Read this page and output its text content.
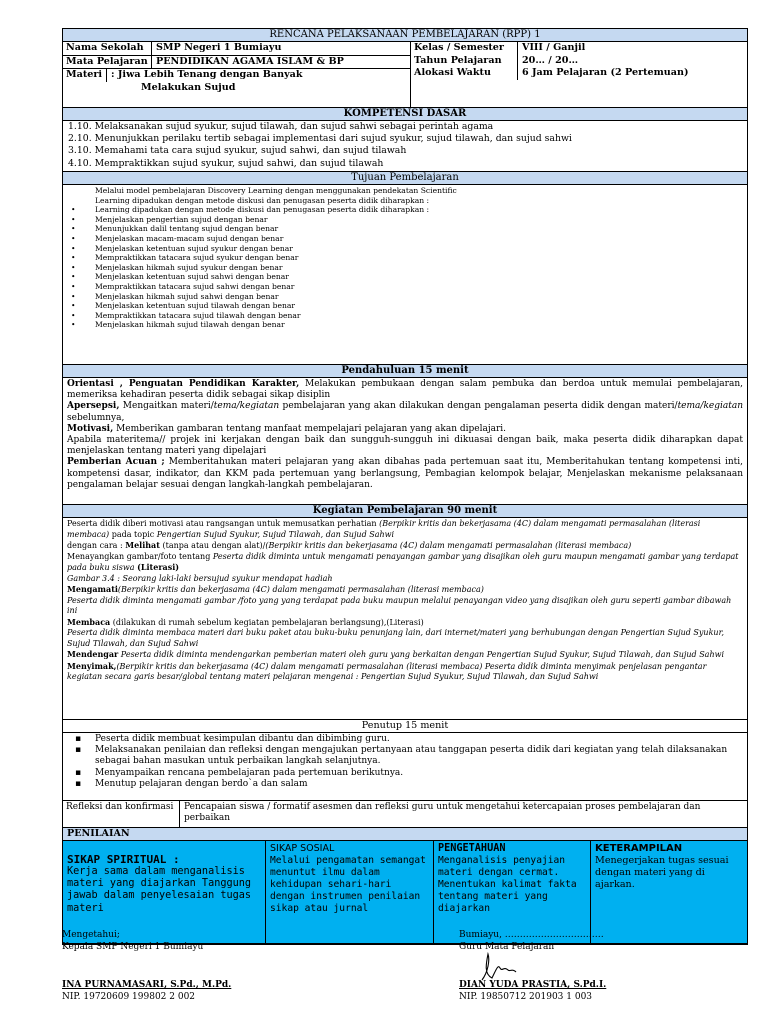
RENCANA PELAKSANAAN PEMBELAJARAN (RPP) 1
Nama Sekolah	SMP Negeri 1 Bumiayu
Mata Pelajaran PENDIDIKAN AGAMA ISLAM & BP
Materi : Jiwa Lebih Tenang dengan Banyak
Melakukan Sujud
Kelas / Semester	VIII / Ganjil
Tahun Pelajaran	20… / 20…
Alokasi Waktu	6 Jam Pelajaran (2 Pertemuan)
KOMPETENSI DASAR

1.10. Melaksanakan sujud syukur, sujud tilawah, dan sujud sahwi sebagai perintah agama

2.10. Menunjukkan perilaku tertib sebagai implementasi dari sujud syukur, sujud tilawah, dan sujud sahwi

3.10. Memahami tata cara sujud syukur, sujud sahwi, dan sujud tilawah

4.10. Mempraktikkan sujud syukur, sujud sahwi, dan sujud tilawah

Tujuan Pembelajaran

Melalui model pembelajaran Discovery Learning dengan menggunakan pendekatan Scientific

Learning dipadukan dengan metode diskusi dan penugasan peserta didik diharapkan :

• Learning dipadukan dengan metode diskusi dan penugasan peserta didik diharapkan :

• Menjelaskan pengertian sujud dengan benar

• Menunjukkan dalil tentang sujud dengan benar

• Menjelaskan macam-macam sujud dengan benar

• Menjelaskan ketentuan sujud syukur dengan benar

• Mempraktikkan tatacara sujud syukur dengan benar

• Menjelaskan hikmah sujud syukur dengan benar

• Menjelaskan ketentuan sujud sahwi dengan benar

• Mempraktikkan tatacara sujud sahwi dengan benar

• Menjelaskan hikmah sujud sahwi dengan benar

• Menjelaskan ketentuan sujud tilawah dengan benar

• Mempraktikkan tatacara sujud tilawah dengan benar

• Menjelaskan hikmah sujud tilawah dengan benar

Pendahuluan 15 menit

Orientasi , Penguatan Pendidikan Karakter, Melakukan pembukaan dengan salam pembuka dan berdoa untuk memulai pembelajaran, memeriksa kehadiran peserta didik sebagai sikap disiplin

Apersepsi, Mengaitkan materi/tema/kegiatan pembelajaran yang akan dilakukan dengan pengalaman peserta didik dengan materi/tema/kegiatan sebelumnya,

Motivasi, Memberikan gambaran tentang manfaat mempelajari pelajaran yang akan dipelajari.

Apabila materitema// projek ini kerjakan dengan baik dan sungguh-sungguh ini dikuasai dengan baik, maka peserta didik diharapkan dapat menjelaskan tentang materi yang dipelajari

Pemberian Acuan ; Memberitahukan materi pelajaran yang akan dibahas pada pertemuan saat itu, Memberitahukan tentang kompetensi inti, kompetensi dasar, indikator, dan KKM pada pertemuan yang berlangsung, Pembagian kelompok belajar, Menjelaskan mekanisme pelaksanaan pengalaman belajar sesuai dengan langkah-langkah pembelajaran.

Kegiatan Pembelajaran 90 menit

Peserta didik diberi motivasi atau rangsangan untuk memusatkan perhatian (Berpikir kritis dan bekerjasama (4C) dalam mengamati permasalahan (literasi membaca) pada topic Pengertian Sujud Syukur, Sujud Tilawah, dan Sujud Sahwi

dengan cara : Melihat (tanpa atau dengan alat)/(Berpikir kritis dan bekerjasama (4C) dalam mengamati permasalahan (literasi membaca)

Menayangkan gambar/foto tentang Peserta didik diminta untuk mengamati penayangan gambar yang disajikan oleh guru maupun mengamati gambar yang terdapat pada buku siswa (Literasi)

Gambar 3.4 : Seorang laki-laki bersujud syukur mendapat hadiah

Mengamati(Berpikir kritis dan bekerjasama (4C) dalam mengamati permasalahan (literasi membaca)

Peserta didik diminta mengamati gambar /foto yang yang terdapat pada buku maupun melalui penayangan video yang disajikan oleh guru seperti gambar dibawah ini

Membaca (dilakukan di rumah sebelum kegiatan pembelajaran berlangsung),(Literasi)

Peserta didik diminta membaca materi dari buku paket atau buku-buku penunjang lain, dari internet/materi yang berhubungan dengan Pengertian Sujud Syukur, Sujud Tilawah, dan Sujud Sahwi

Mendengar Peserta didik diminta mendengarkan pemberian materi oleh guru yang berkaitan dengan Pengertian Sujud Syukur, Sujud Tilawah, dan Sujud Sahwi

Menyimak,(Berpikir kritis dan bekerjasama (4C) dalam mengamati permasalahan (literasi membaca) Peserta didik diminta menyimak penjelasan pengantar kegiatan secara garis besar/global tentang materi pelajaran mengenai : Pengertian Sujud Syukur, Sujud Tilawah, dan Sujud Sahwi

Penutup 15 menit

▪ Peserta didik membuat kesimpulan dibantu dan dibimbing guru.

▪ Melaksanakan penilaian dan refleksi dengan mengajukan pertanyaan atau tanggapan peserta didik dari kegiatan yang telah dilaksanakan sebagai bahan masukan untuk perbaikan langkah selanjutnya.

▪ Menyampaikan rencana pembelajaran pada pertemuan berikutnya.

▪ Menutup pelajaran dengan berdo`a dan salam

Refleksi dan konfirmasi	Pencapaian siswa / formatif asesmen dan refleksi guru untuk mengetahui ketercapaian proses pembelajaran dan perbaikan
PENILAIAN
SIKAP SPIRITUAL :
Kerja sama dalam menganalisis materi yang diajarkan Tanggung jawab dalam penyelesaian tugas materi
SIKAP SOSIAL
Melalui pengamatan semangat menuntut ilmu dalam kehidupan sehari-hari dengan instrumen penilaian sikap atau jurnal
PENGETAHUAN
Menganalisis penyajian materi dengan cermat. Menentukan kalimat fakta tentang materi yang diajarkan
KETERAMPILAN
Menegerjakan tugas sesuai dengan materi yang di ajarkan.
Mengetahui;
Kepala SMP Negeri 1 Bumiayu
INA PURNAMASARI, S.Pd., M.Pd.
NIP. 19720609 199802 2 002
Bumiayu, ……………………………
Guru Mata Pelajaran
DIAN YUDA PRASTIA, S.Pd.I.
NIP. 19850712 201903 1 003
